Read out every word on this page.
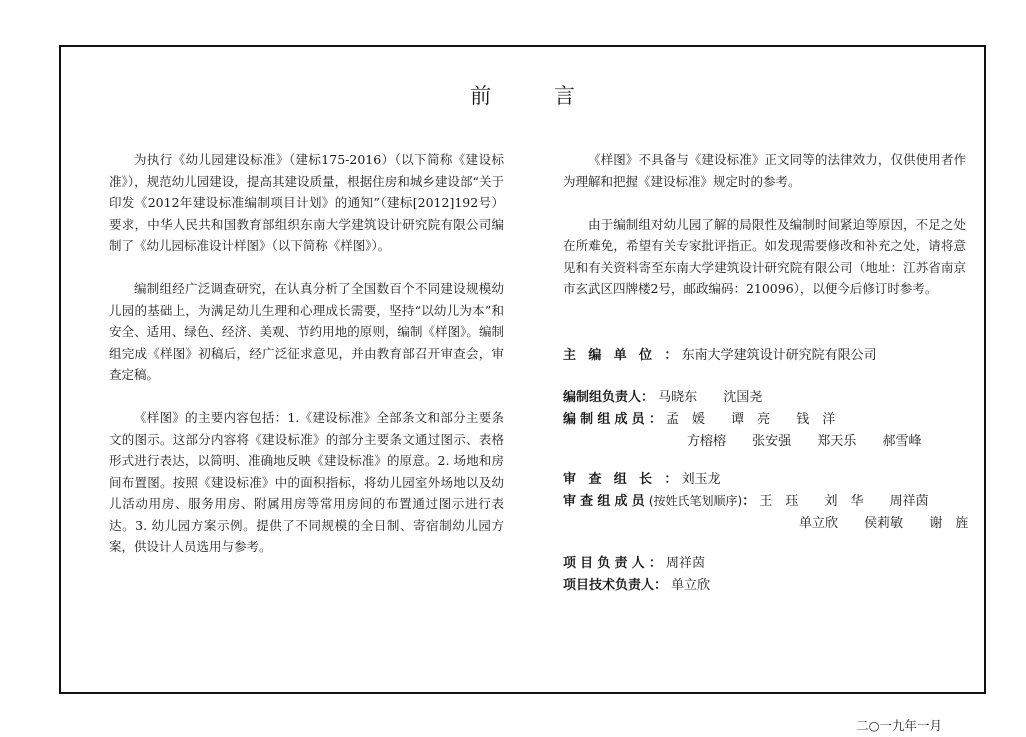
前 言

为执行《幼儿园建设标准》（建标175-2016）（以下简称《建设标准》），规范幼儿园建设，提高其建设质量，根据住房和城乡建设部“关于印发《2012年建设标准编制项目计划》的通知”（建标[2012]192号）要求，中华人民共和国教育部组织东南大学建筑设计研究院有限公司编制了《幼儿园标准设计样图》（以下简称《样图》）。

编制组经广泛调查研究，在认真分析了全国数百个不同建设规模幼儿园的基础上，为满足幼儿生理和心理成长需要，坚持“以幼儿为本”和安全、适用、绿色、经济、美观、节约用地的原则，编制《样图》。编制组完成《样图》初稿后，经广泛征求意见，并由教育部召开审查会，审查定稿。

《样图》的主要内容包括：1.《建设标准》全部条文和部分主要条文的图示。这部分内容将《建设标准》的部分主要条文通过图示、表格形式进行表达，以简明、准确地反映《建设标准》的原意。2. 场地和房间布置图。按照《建设标准》中的面积指标，将幼儿园室外场地以及幼儿活动用房、服务用房、附属用房等常用房间的布置通过图示进行表达。3. 幼儿园方案示例。提供了不同规模的全日制、寄宿制幼儿园方案，供设计人员选用与参考。

《样图》不具备与《建设标准》正文同等的法律效力，仅供使用者作为理解和把握《建设标准》规定时的参考。

由于编制组对幼儿园了解的局限性及编制时间紧迫等原因，不足之处在所难免，希望有关专家批评指正。如发现需要修改和补充之处，请将意见和有关资料寄至东南大学建筑设计研究院有限公司（地址：江苏省南京市玄武区四牌楼2号，邮政编码：210096），以便今后修订时参考。

主编单位： 东南大学建筑设计研究院有限公司
编制组负责人： 马晓东 沈国尧
编制组成员： 孟　媛 谭　亮 钱　洋
方榕榕 张安强 郑天乐 郝雪峰
审查组长： 刘玉龙
审查组成员(按姓氏笔划顺序)： 王　珏 刘　华 周祥茵
单立欣 侯莉敏 谢　旌
项目负责人： 周祥茵
项目技术负责人： 单立欣
二○一九年一月
